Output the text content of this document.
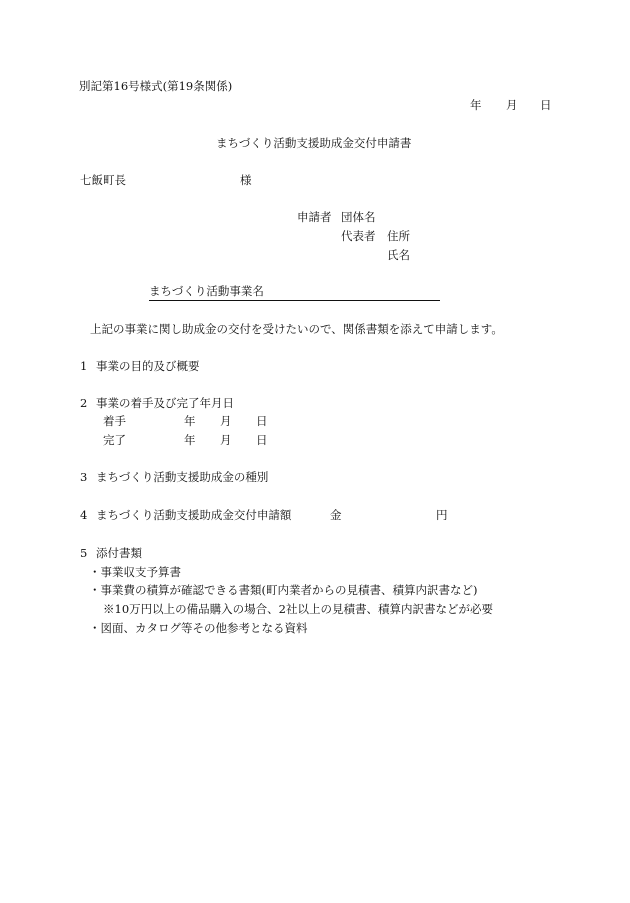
別記第16号様式(第19条関係)
年 月 日
まちづくり活動支援助成金交付申請書
七飯町長	様
申請者 団体名
代表者 住所
氏名
まちづくり活動事業名
上記の事業に関し助成金の交付を受けたいので、関係書類を添えて申請します。
1 事業の目的及び概要
2 事業の着手及び完了年月日
着手	年 月 日
完了	年 月 日
3 まちづくり活動支援助成金の種別
4 まちづくり活動支援助成金交付申請額	金	円
5 添付書類
・事業収支予算書
・事業費の積算が確認できる書類(町内業者からの見積書、積算内訳書など)
※10万円以上の備品購入の場合、2社以上の見積書、積算内訳書などが必要
・図面、カタログ等その他参考となる資料
